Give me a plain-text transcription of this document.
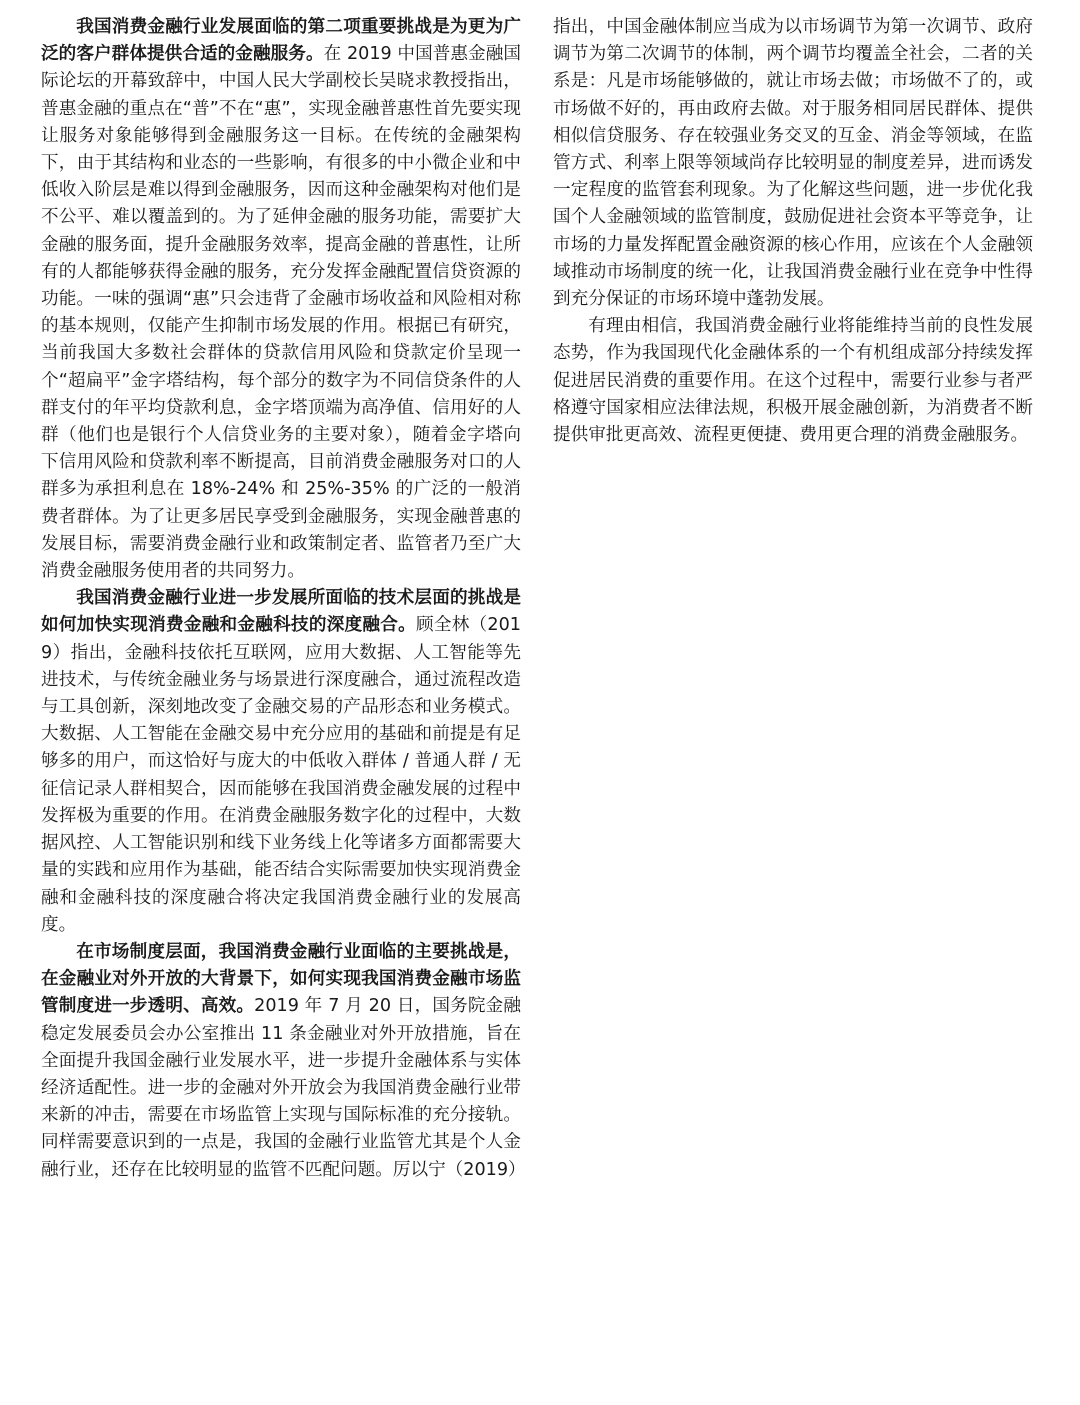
我国消费金融行业发展面临的第二项重要挑战是为更为广泛的客户群体提供合适的金融服务。在 2019 中国普惠金融国际论坛的开幕致辞中，中国人民大学副校长吴晓求教授指出，普惠金融的重点在“普”不在“惠”，实现金融普惠性首先要实现让服务对象能够得到金融服务这一目标。在传统的金融架构下，由于其结构和业态的一些影响，有很多的中小微企业和中低收入阶层是难以得到金融服务，因而这种金融架构对他们是不公平、难以覆盖到的。为了延伸金融的服务功能，需要扩大金融的服务面，提升金融服务效率，提高金融的普惠性，让所有的人都能够获得金融的服务，充分发挥金融配置信贷资源的功能。一味的强调“惠”只会违背了金融市场收益和风险相对称的基本规则，仅能产生抑制市场发展的作用。根据已有研究，当前我国大多数社会群体的贷款信用风险和贷款定价呈现一个“超扁平”金字塔结构，每个部分的数字为不同信贷条件的人群支付的年平均贷款利息，金字塔顶端为高净值、信用好的人群（他们也是银行个人信贷业务的主要对象），随着金字塔向下信用风险和贷款利率不断提高，目前消费金融服务对口的人群多为承担利息在 18%-24% 和 25%-35% 的广泛的一般消费者群体。为了让更多居民享受到金融服务，实现金融普惠的发展目标，需要消费金融行业和政策制定者、监管者乃至广大消费金融服务使用者的共同努力。

我国消费金融行业进一步发展所面临的技术层面的挑战是如何加快实现消费金融和金融科技的深度融合。顾全林（2019）指出，金融科技依托互联网，应用大数据、人工智能等先进技术，与传统金融业务与场景进行深度融合，通过流程改造与工具创新，深刻地改变了金融交易的产品形态和业务模式。大数据、人工智能在金融交易中充分应用的基础和前提是有足够多的用户，而这恰好与庞大的中低收入群体 / 普通人群 / 无征信记录人群相契合，因而能够在我国消费金融发展的过程中发挥极为重要的作用。在消费金融服务数字化的过程中，大数据风控、人工智能识别和线下业务线上化等诸多方面都需要大量的实践和应用作为基础，能否结合实际需要加快实现消费金融和金融科技的深度融合将决定我国消费金融行业的发展高度。

在市场制度层面，我国消费金融行业面临的主要挑战是，在金融业对外开放的大背景下，如何实现我国消费金融市场监管制度进一步透明、高效。2019 年 7 月 20 日，国务院金融稳定发展委员会办公室推出 11 条金融业对外开放措施，旨在全面提升我国金融行业发展水平，进一步提升金融体系与实体经济适配性。进一步的金融对外开放会为我国消费金融行业带来新的冲击，需要在市场监管上实现与国际标准的充分接轨。同样需要意识到的一点是，我国的金融行业监管尤其是个人金融行业，还存在比较明显的监管不匹配问题。厉以宁（2019）

指出，中国金融体制应当成为以市场调节为第一次调节、政府调节为第二次调节的体制，两个调节均覆盖全社会，二者的关系是：凡是市场能够做的，就让市场去做；市场做不了的，或市场做不好的，再由政府去做。对于服务相同居民群体、提供相似信贷服务、存在较强业务交叉的互金、消金等领域，在监管方式、利率上限等领域尚存比较明显的制度差异，进而诱发一定程度的监管套利现象。为了化解这些问题，进一步优化我国个人金融领域的监管制度，鼓励促进社会资本平等竞争，让市场的力量发挥配置金融资源的核心作用，应该在个人金融领域推动市场制度的统一化，让我国消费金融行业在竞争中性得到充分保证的市场环境中蓬勃发展。

有理由相信，我国消费金融行业将能维持当前的良性发展态势，作为我国现代化金融体系的一个有机组成部分持续发挥促进居民消费的重要作用。在这个过程中，需要行业参与者严格遵守国家相应法律法规，积极开展金融创新，为消费者不断提供审批更高效、流程更便捷、费用更合理的消费金融服务。
